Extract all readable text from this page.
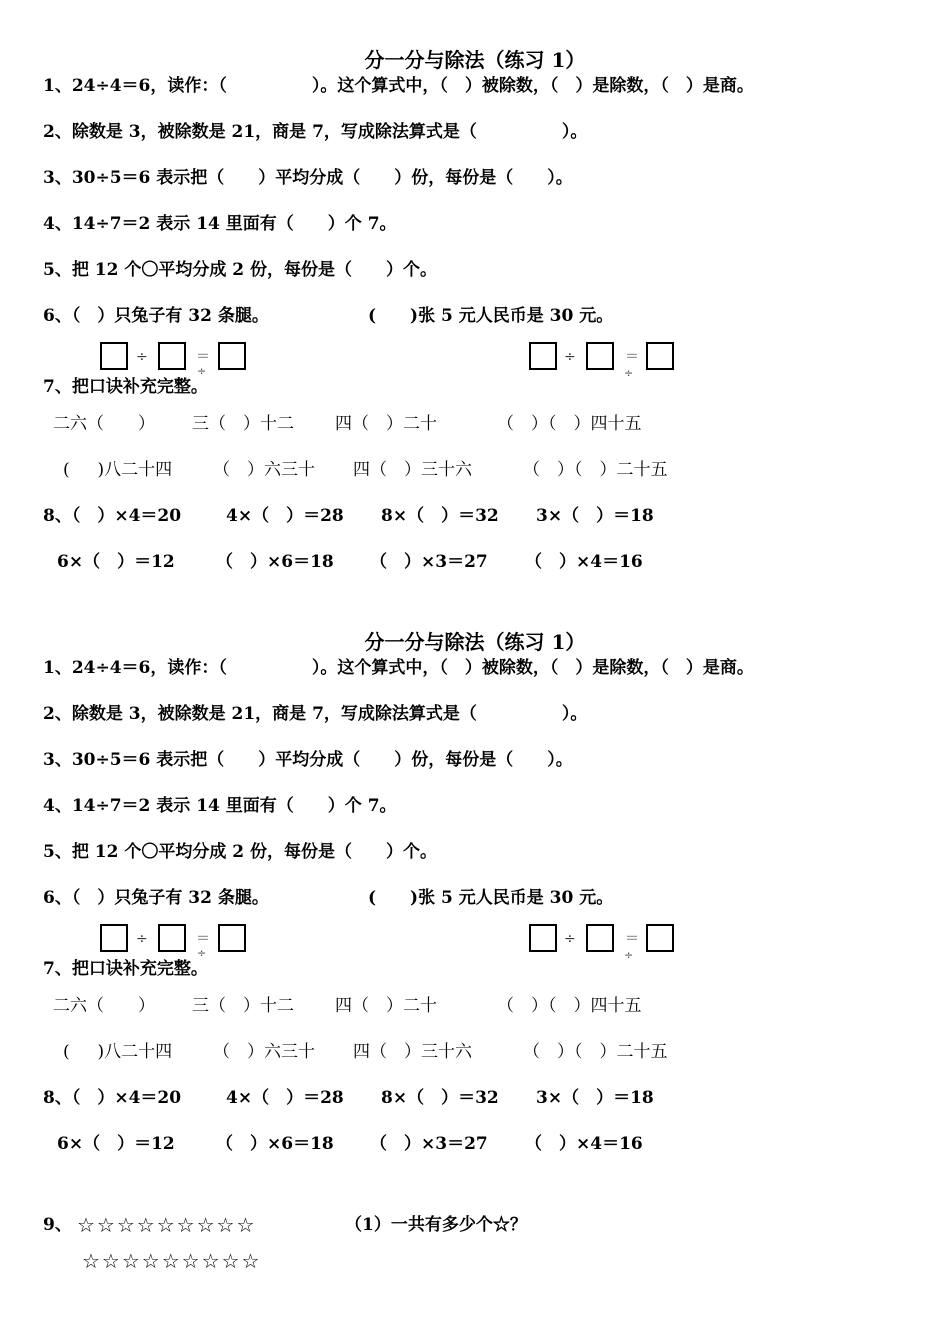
分一分与除法（练习 1）
1、24÷4＝6，读作：（　　　　　）。这个算式中，（　）被除数，（　）是除数，（　）是商。
2、除数是 3，被除数是 21，商是 7，写成除法算式是（　　　　　）。
3、30÷5＝6 表示把（　　）平均分成（　　）份，每份是（　　）。
4、14÷7＝2 表示 14 里面有（　　）个 7。
5、把 12 个〇平均分成 2 份，每份是（　　）个。
6、（　）只兔子有 32 条腿。	(　　)张 5 元人民币是 30 元。
÷	＝
÷
÷	＝
÷
7、把口诀补充完整。
二六（　　） 三（　）十二 四（　）二十	（　）（　）四十五
(　  )八二十四 （　）六三十 四（　）三十六	（　）（　）二十五
8、（　）×4＝20	4×（　）＝28 8×（　）＝32 3×（　）＝18
6×（　）＝12 （　）×6＝18 （　）×3＝27 （　）×4＝16
分一分与除法（练习 1）
1、24÷4＝6，读作：（　　　　　）。这个算式中，（　）被除数，（　）是除数，（　）是商。
2、除数是 3，被除数是 21，商是 7，写成除法算式是（　　　　　）。
3、30÷5＝6 表示把（　　）平均分成（　　）份，每份是（　　）。
4、14÷7＝2 表示 14 里面有（　　）个 7。
5、把 12 个〇平均分成 2 份，每份是（　　）个。
6、（　）只兔子有 32 条腿。	(　　)张 5 元人民币是 30 元。
÷	＝
÷
÷	＝
÷
7、把口诀补充完整。
二六（　　） 三（　）十二 四（　）二十	（　）（　）四十五
(　  )八二十四 （　）六三十 四（　）三十六	（　）（　）二十五
8、（　）×4＝20	4×（　）＝28 8×（　）＝32 3×（　）＝18
6×（　）＝12 （　）×6＝18 （　）×3＝27 （　）×4＝16
9、 ☆☆☆☆☆☆☆☆☆	（1）一共有多少个☆？
☆☆☆☆☆☆☆☆☆
